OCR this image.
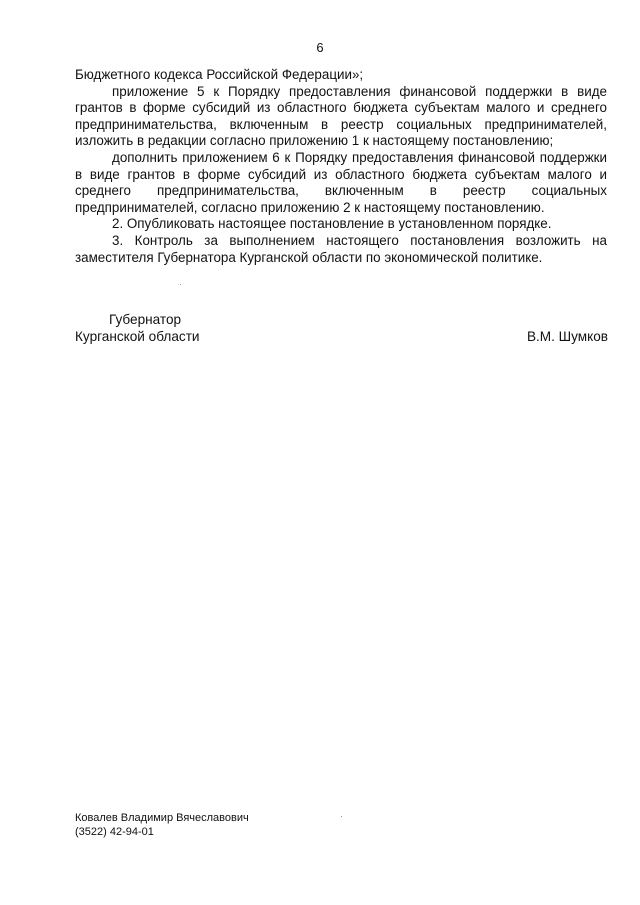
6

Бюджетного кодекса Российской Федерации»;

приложение 5 к Порядку предоставления финансовой поддержки в виде грантов в форме субсидий из областного бюджета субъектам малого и среднего предпринимательства, включенным в реестр социальных предпринимателей, изложить в редакции согласно приложению 1 к настоящему постановлению;

дополнить приложением 6 к Порядку предоставления финансовой поддержки в виде грантов в форме субсидий из областного бюджета субъектам малого и среднего предпринимательства, включенным в реестр социальных предпринимателей, согласно приложению 2 к настоящему постановлению.

2. Опубликовать настоящее постановление в установленном порядке.

3. Контроль за выполнением настоящего постановления возложить на заместителя Губернатора Курганской области по экономической политике.

Губернатор
Курганской области	В.М. Шумков
Ковалев Владимир Вячеславович
(3522) 42-94-01
